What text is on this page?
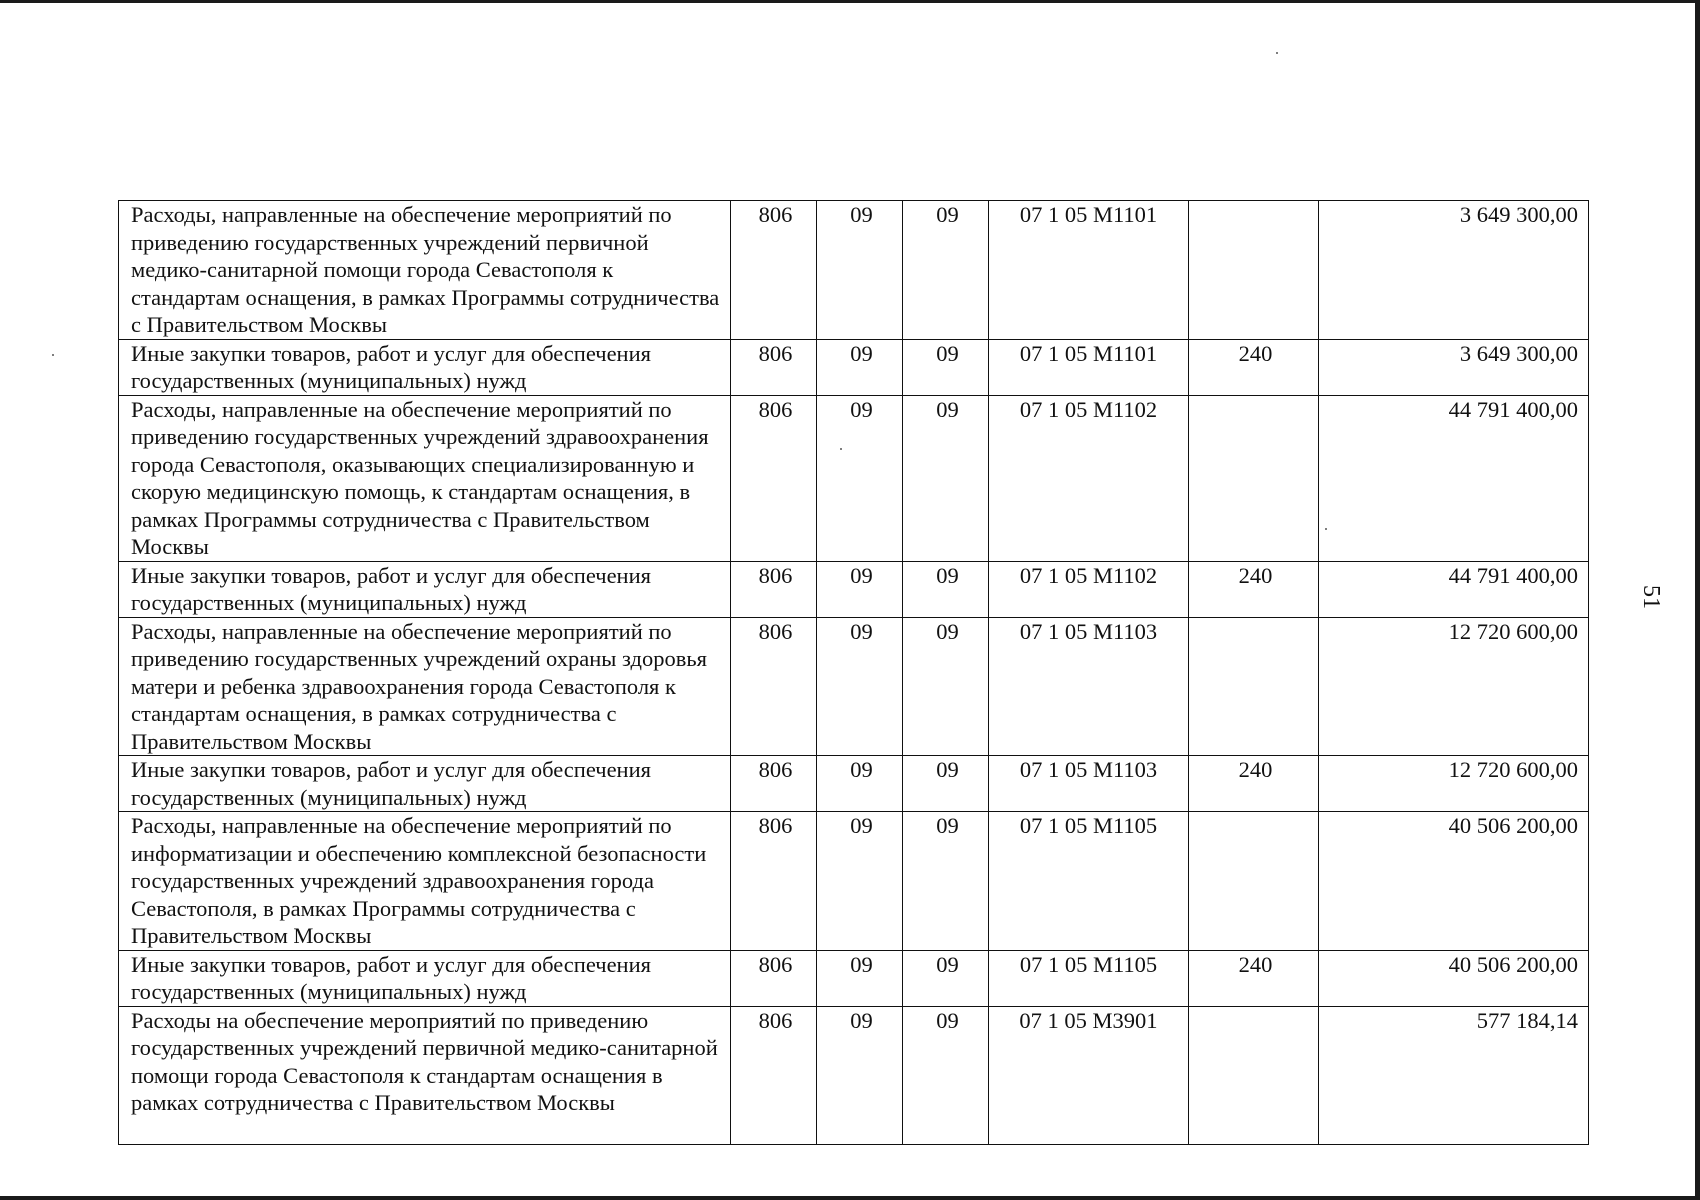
Расходы, направленные на обеспечение мероприятий по приведению государственных учреждений первичной медико-санитарной помощи города Севастополя к стандартам оснащения, в рамках Программы сотрудничества с Правительством Москвы	806	09	09	07 1 05 М1101		3 649 300,00
Иные закупки товаров, работ и услуг для обеспечения государственных (муниципальных) нужд	806	09	09	07 1 05 М1101	240	3 649 300,00
Расходы, направленные на обеспечение мероприятий по приведению государственных учреждений здравоохранения города Севастополя, оказывающих специализированную и скорую медицинскую помощь, к стандартам оснащения, в рамках Программы сотрудничества с Правительством Москвы	806	09	09	07 1 05 М1102		44 791 400,00
Иные закупки товаров, работ и услуг для обеспечения государственных (муниципальных) нужд	806	09	09	07 1 05 М1102	240	44 791 400,00
Расходы, направленные на обеспечение мероприятий по приведению государственных учреждений охраны здоровья матери и ребенка здравоохранения города Севастополя к стандартам оснащения, в рамках сотрудничества с Правительством Москвы	806	09	09	07 1 05 М1103		12 720 600,00
Иные закупки товаров, работ и услуг для обеспечения государственных (муниципальных) нужд	806	09	09	07 1 05 М1103	240	12 720 600,00
Расходы, направленные на обеспечение мероприятий по информатизации и обеспечению комплексной безопасности государственных учреждений здравоохранения города Севастополя, в рамках Программы сотрудничества с Правительством Москвы	806	09	09	07 1 05 М1105		40 506 200,00
Иные закупки товаров, работ и услуг для обеспечения государственных (муниципальных) нужд	806	09	09	07 1 05 М1105	240	40 506 200,00
Расходы на обеспечение мероприятий по приведению государственных учреждений первичной медико-санитарной помощи города Севастополя к стандартам оснащения в рамках сотрудничества с Правительством Москвы	806	09	09	07 1 05 М3901		577 184,14
51
